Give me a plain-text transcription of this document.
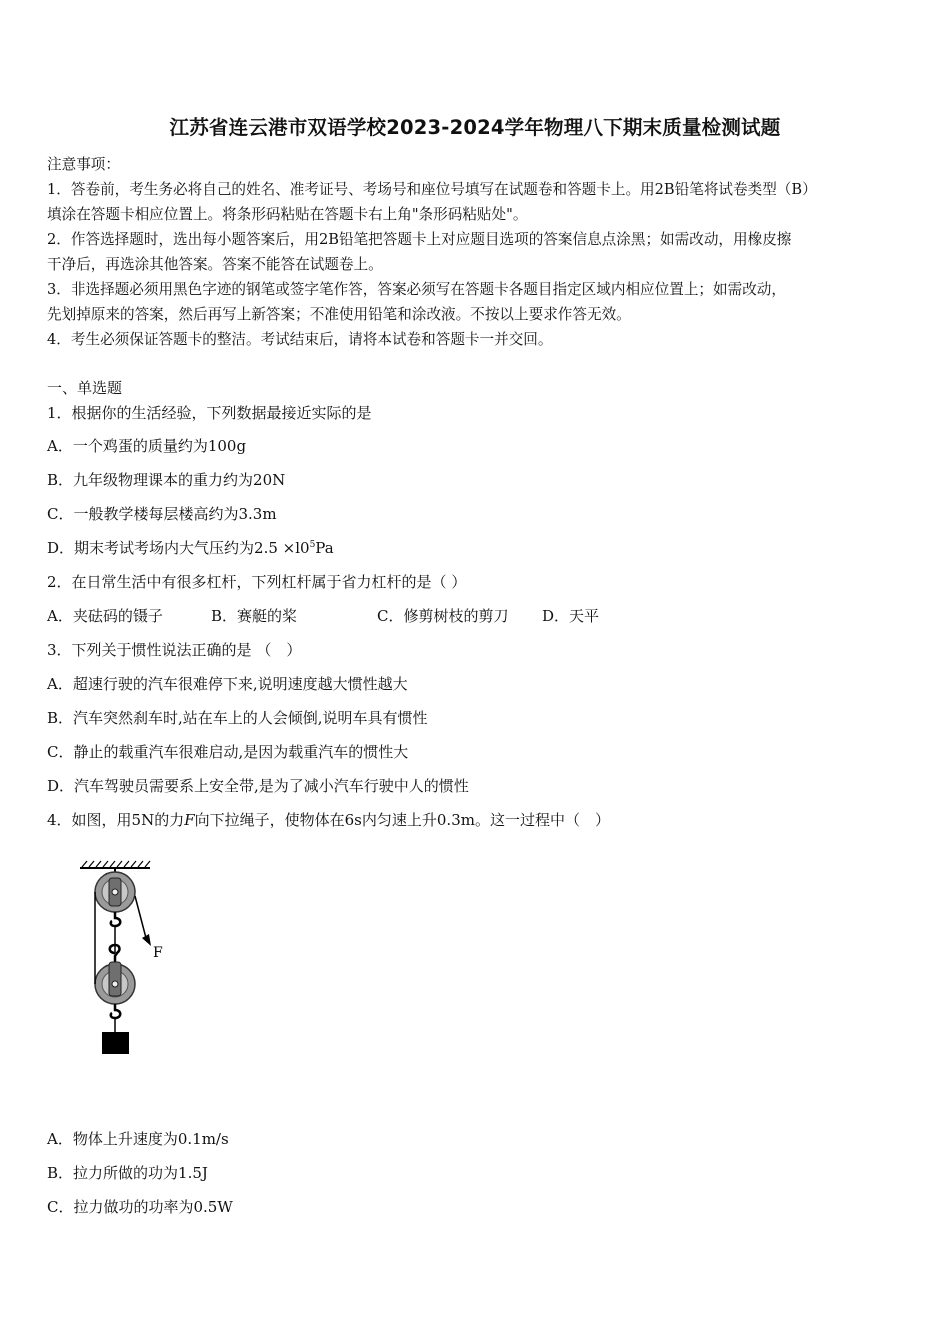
江苏省连云港市双语学校2023-2024学年物理八下期末质量检测试题
注意事项：
1．答卷前，考生务必将自己的姓名、准考证号、考场号和座位号填写在试题卷和答题卡上。用2B铅笔将试卷类型（B）
填涂在答题卡相应位置上。将条形码粘贴在答题卡右上角"条形码粘贴处"。
2．作答选择题时，选出每小题答案后，用2B铅笔把答题卡上对应题目选项的答案信息点涂黑；如需改动，用橡皮擦
干净后，再选涂其他答案。答案不能答在试题卷上。
3．非选择题必须用黑色字迹的钢笔或签字笔作答，答案必须写在答题卡各题目指定区域内相应位置上；如需改动，
先划掉原来的答案，然后再写上新答案；不准使用铅笔和涂改液。不按以上要求作答无效。
4．考生必须保证答题卡的整洁。考试结束后，请将本试卷和答题卡一并交回。
一、单选题
1．根据你的生活经验，下列数据最接近实际的是
A．一个鸡蛋的质量约为100g
B．九年级物理课本的重力约为20N
C．一般教学楼每层楼高约为3.3m
D．期末考试考场内大气压约为$2.5 \times l0^5Pa$
2．在日常生活中有很多杠杆，下列杠杆属于省力杠杆的是（ ）
A．夹砝码的镊子	B．赛艇的桨	C．修剪树枝的剪刀 D．天平
3．下列关于惯性说法正确的是 （　）
A．超速行驶的汽车很难停下来,说明速度越大惯性越大
B．汽车突然刹车时,站在车上的人会倾倒,说明车具有惯性
C．静止的载重汽车很难启动,是因为载重汽车的惯性大
D．汽车驾驶员需要系上安全带,是为了减小汽车行驶中人的惯性
4．如图，用5N的力F向下拉绳子，使物体在6s内匀速上升0.3m。这一过程中（　）
F
A．物体上升速度为0.1m/s
B．拉力所做的功为1.5J
C．拉力做功的功率为0.5W
